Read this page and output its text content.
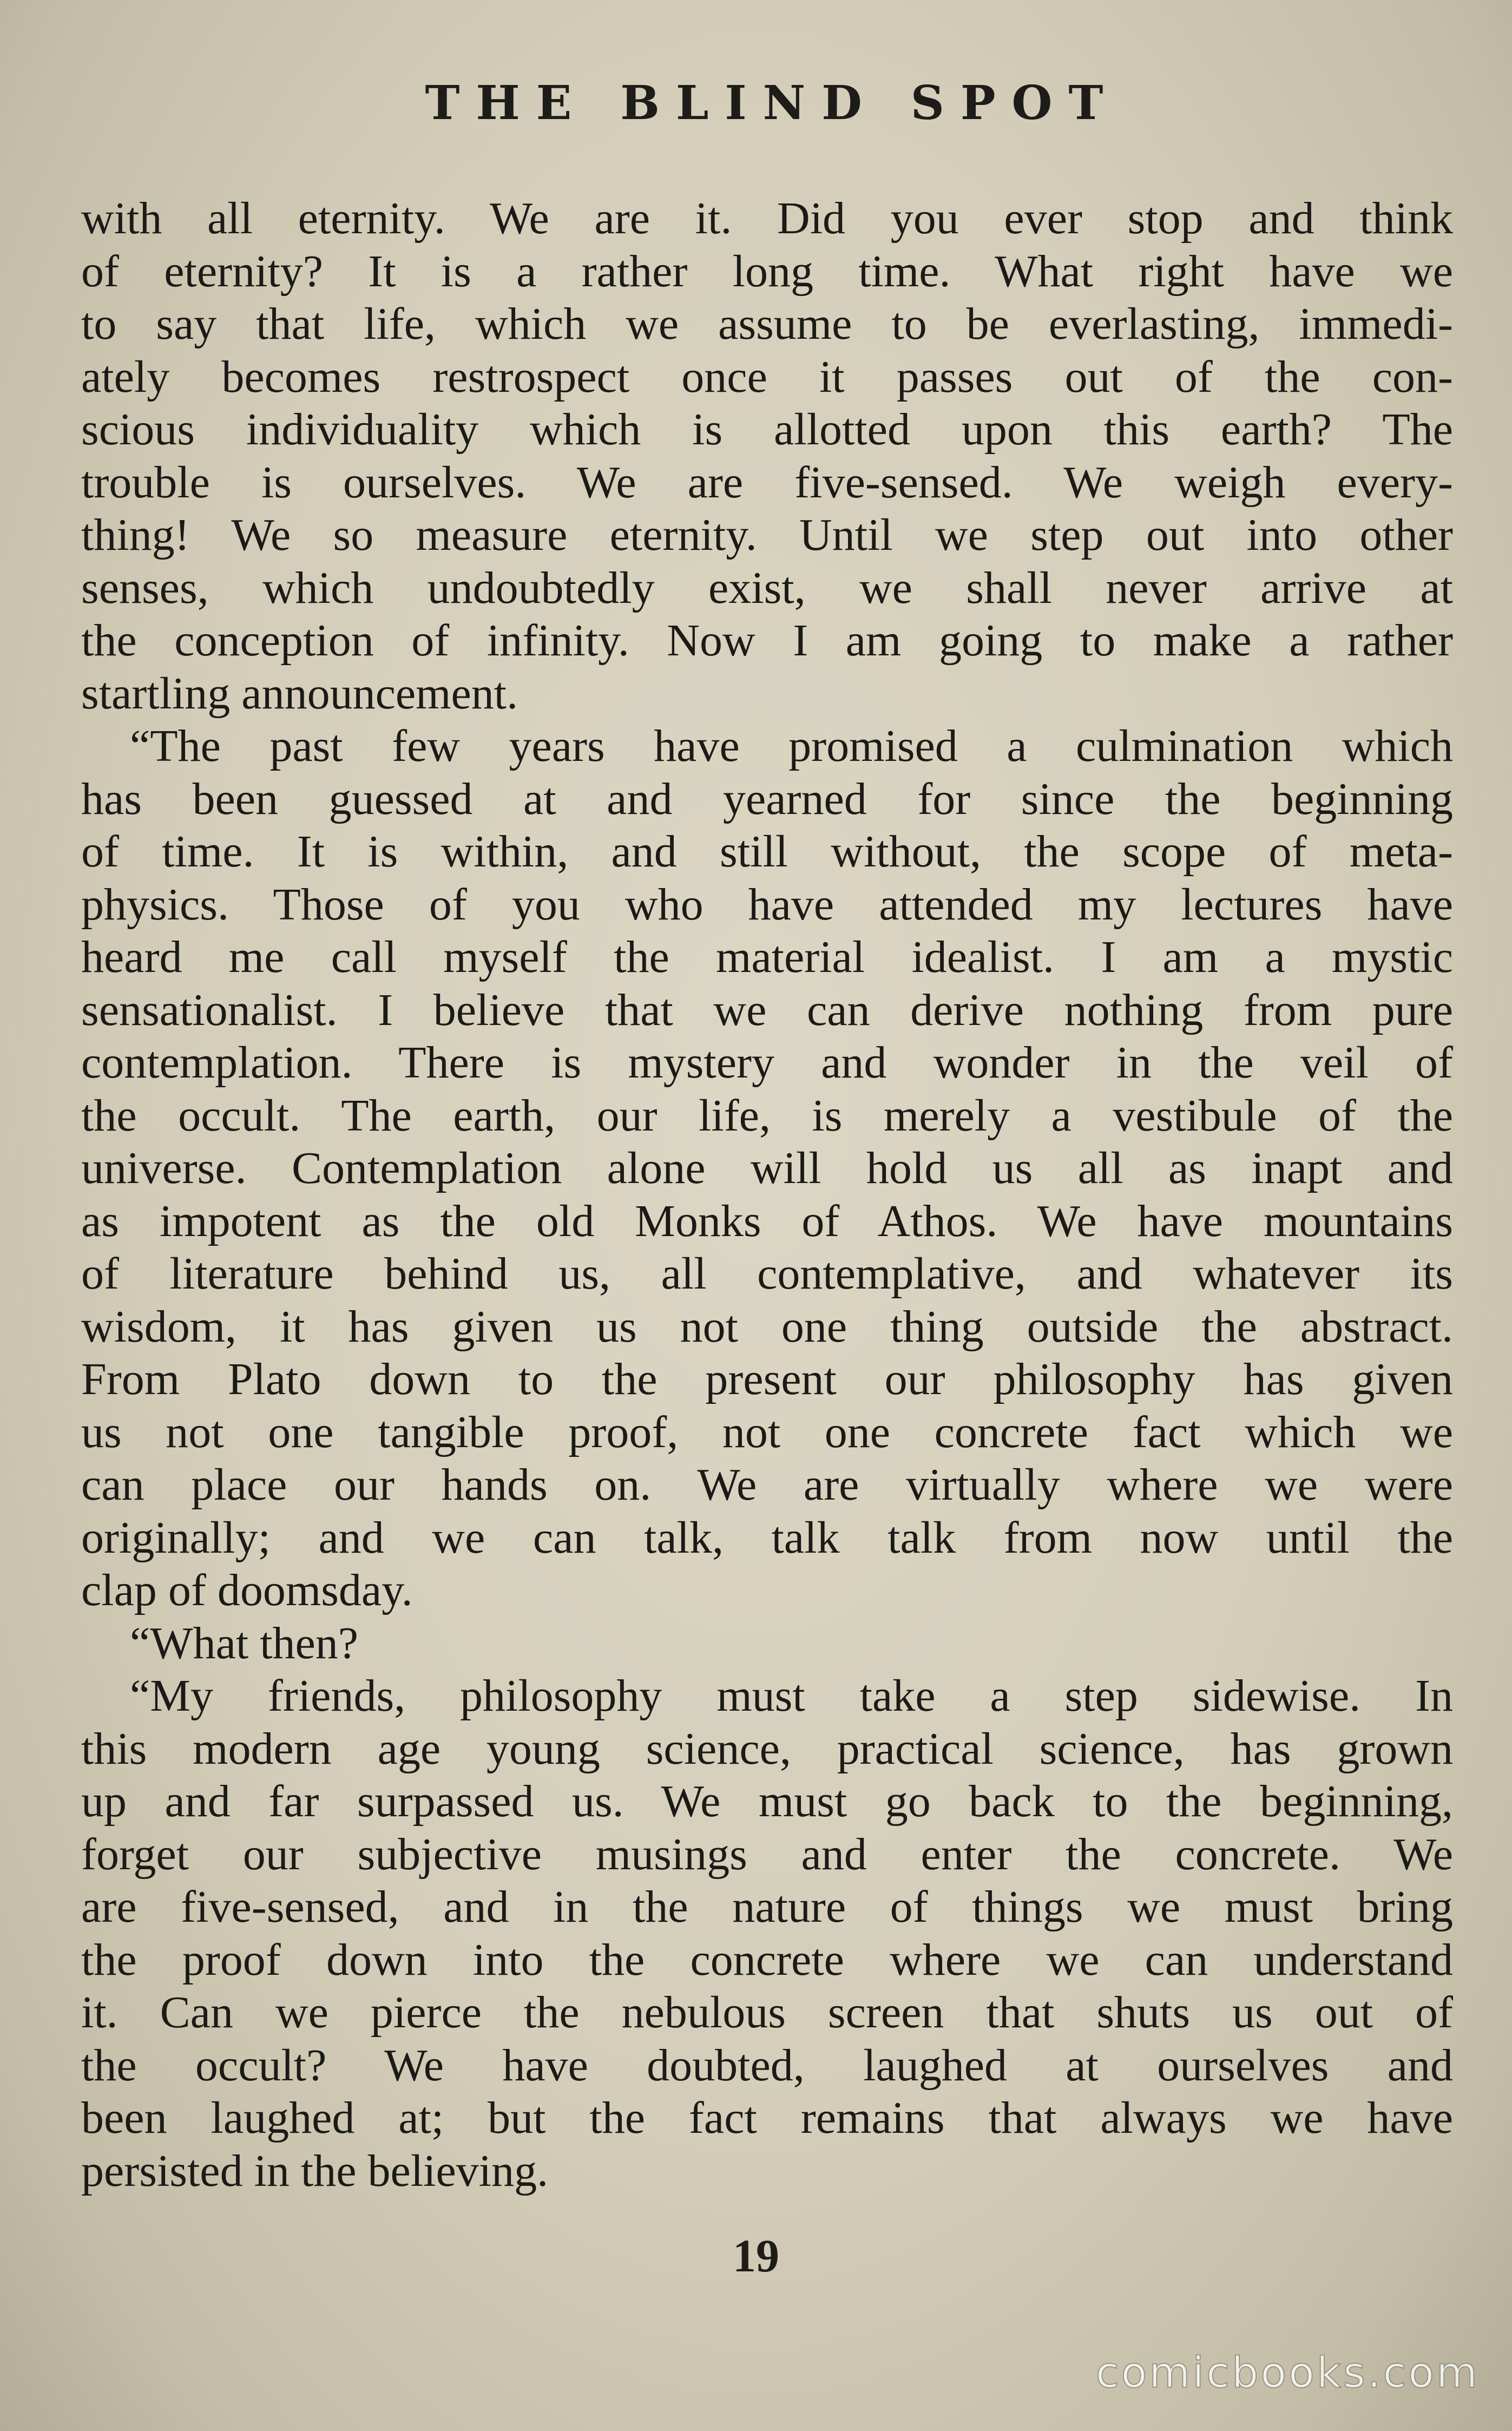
THE BLIND SPOT
with all eternity. We are it. Did you ever stop and think
of eternity? It is a rather long time. What right have we
to say that life, which we assume to be everlasting, immedi-
ately becomes restrospect once it passes out of the con-
scious individuality which is allotted upon this earth? The
trouble is ourselves. We are five-sensed. We weigh every-
thing! We so measure eternity. Until we step out into other
senses, which undoubtedly exist, we shall never arrive at
the conception of infinity. Now I am going to make a rather
startling announcement.
“The past few years have promised a culmination which
has been guessed at and yearned for since the beginning
of time. It is within, and still without, the scope of meta-
physics. Those of you who have attended my lectures have
heard me call myself the material idealist. I am a mystic
sensationalist. I believe that we can derive nothing from pure
contemplation. There is mystery and wonder in the veil of
the occult. The earth, our life, is merely a vestibule of the
universe. Contemplation alone will hold us all as inapt and
as impotent as the old Monks of Athos. We have mountains
of literature behind us, all contemplative, and whatever its
wisdom, it has given us not one thing outside the abstract.
From Plato down to the present our philosophy has given
us not one tangible proof, not one concrete fact which we
can place our hands on. We are virtually where we were
originally; and we can talk, talk talk from now until the
clap of doomsday.
“What then?
“My friends, philosophy must take a step sidewise. In
this modern age young science, practical science, has grown
up and far surpassed us. We must go back to the beginning,
forget our subjective musings and enter the concrete. We
are five-sensed, and in the nature of things we must bring
the proof down into the concrete where we can understand
it. Can we pierce the nebulous screen that shuts us out of
the occult? We have doubted, laughed at ourselves and
been laughed at; but the fact remains that always we have
persisted in the believing.
19
comicbooks.com
